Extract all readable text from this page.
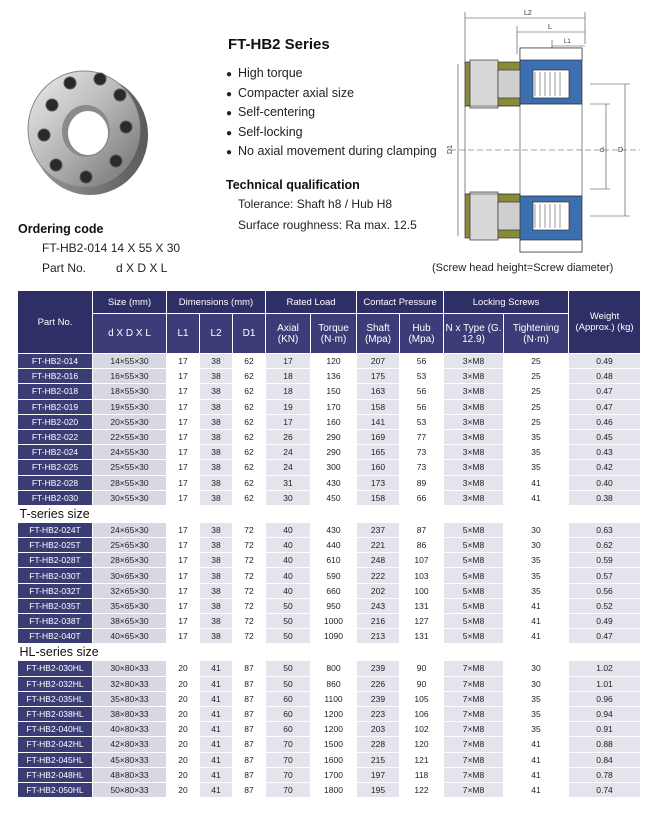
FT-HB2 Series
● High torque
● Compacter axial size
● Self-centering
● Self-locking
● No axial movement during clamping
Technical qualification
Tolerance: Shaft h8 / Hub H8
Surface roughness: Ra max. 12.5
Ordering code
FT-HB2-014 14 X 55 X 30
Part No. d X D X L
L2
L
L1
D1	d D
(Screw head height=Screw diameter)
Part No.	Size (mm)	Dimensions (mm)			Rated Load		Contact Pressure		Locking Screws		Weight (Approx.) (kg)
	d X D X L	L1	L2	D1	Axial (KN)	Torque (N·m)	Shaft (Mpa)	Hub (Mpa)	N x Type (G. 12.9)	Tightening (N·m)	
FT-HB2-014	14×55×30	17	38	62	17	120	207	56	3×M8	25	0.49
FT-HB2-016	16×55×30	17	38	62	18	136	175	53	3×M8	25	0.48
FT-HB2-018	18×55×30	17	38	62	18	150	163	56	3×M8	25	0.47
FT-HB2-019	19×55×30	17	38	62	19	170	158	56	3×M8	25	0.47
FT-HB2-020	20×55×30	17	38	62	17	160	141	53	3×M8	25	0.46
FT-HB2-022	22×55×30	17	38	62	26	290	169	77	3×M8	35	0.45
FT-HB2-024	24×55×30	17	38	62	24	290	165	73	3×M8	35	0.43
FT-HB2-025	25×55×30	17	38	62	24	300	160	73	3×M8	35	0.42
FT-HB2-028	28×55×30	17	38	62	31	430	173	89	3×M8	41	0.40
FT-HB2-030	30×55×30	17	38	62	30	450	158	66	3×M8	41	0.38
T-series size											
FT-HB2-024T	24×65×30	17	38	72	40	430	237	87	5×M8	30	0.63
FT-HB2-025T	25×65×30	17	38	72	40	440	221	86	5×M8	30	0.62
FT-HB2-028T	28×65×30	17	38	72	40	610	248	107	5×M8	35	0.59
FT-HB2-030T	30×65×30	17	38	72	40	590	222	103	5×M8	35	0.57
FT-HB2-032T	32×65×30	17	38	72	40	660	202	100	5×M8	35	0.56
FT-HB2-035T	35×65×30	17	38	72	50	950	243	131	5×M8	41	0.52
FT-HB2-038T	38×65×30	17	38	72	50	1000	216	127	5×M8	41	0.49
FT-HB2-040T	40×65×30	17	38	72	50	1090	213	131	5×M8	41	0.47
HL-series size											
FT-HB2-030HL	30×80×33	20	41	87	50	800	239	90	7×M8	30	1.02
FT-HB2-032HL	32×80×33	20	41	87	50	860	226	90	7×M8	30	1.01
FT-HB2-035HL	35×80×33	20	41	87	60	1100	239	105	7×M8	35	0.96
FT-HB2-038HL	38×80×33	20	41	87	60	1200	223	106	7×M8	35	0.94
FT-HB2-040HL	40×80×33	20	41	87	60	1200	203	102	7×M8	35	0.91
FT-HB2-042HL	42×80×33	20	41	87	70	1500	228	120	7×M8	41	0.88
FT-HB2-045HL	45×80×33	20	41	87	70	1600	215	121	7×M8	41	0.84
FT-HB2-048HL	48×80×33	20	41	87	70	1700	197	118	7×M8	41	0.78
FT-HB2-050HL	50×80×33	20	41	87	70	1800	195	122	7×M8	41	0.74
